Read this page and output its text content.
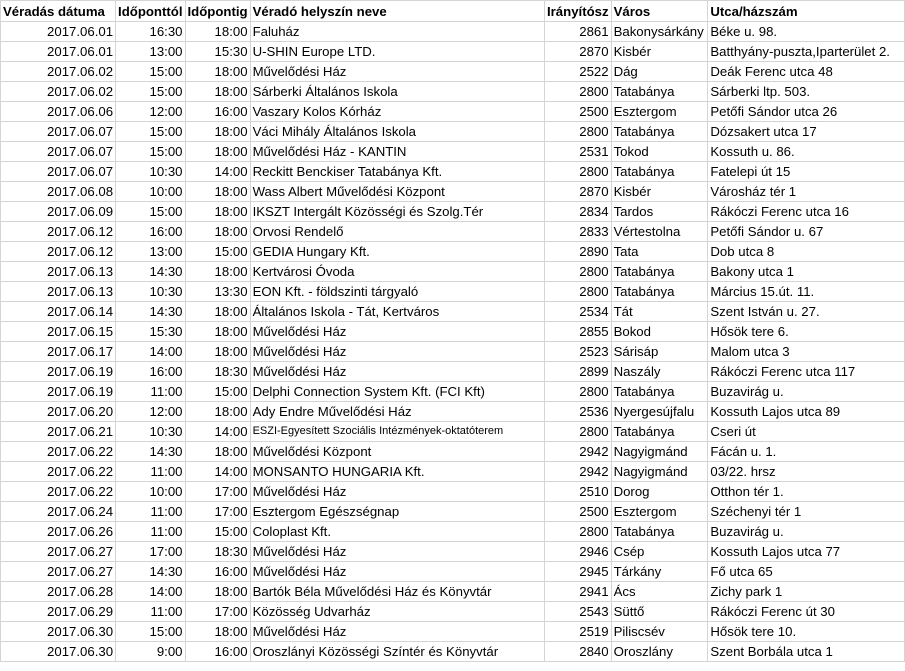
Véradás dátuma	Időponttól	Időpontig	Véradó helyszín neve	Irányítósz	Város	Utca/házszám
2017.06.01	16:30	18:00	Faluház	2861	Bakonysárkány	Béke u. 98.
2017.06.01	13:00	15:30	U-SHIN Europe LTD.	2870	Kisbér	Batthyány-puszta,Iparterület 2.
2017.06.02	15:00	18:00	Művelődési Ház	2522	Dág	Deák Ferenc utca 48
2017.06.02	15:00	18:00	Sárberki Általános Iskola	2800	Tatabánya	Sárberki ltp. 503.
2017.06.06	12:00	16:00	Vaszary Kolos Kórház	2500	Esztergom	Petőfi Sándor utca 26
2017.06.07	15:00	18:00	Váci Mihály Általános Iskola	2800	Tatabánya	Dózsakert utca 17
2017.06.07	15:00	18:00	Művelődési Ház - KANTIN	2531	Tokod	Kossuth u. 86.
2017.06.07	10:30	14:00	Reckitt Benckiser Tatabánya Kft.	2800	Tatabánya	Fatelepi út 15
2017.06.08	10:00	18:00	Wass Albert Művelődési Központ	2870	Kisbér	Városház tér 1
2017.06.09	15:00	18:00	IKSZT Intergált Közösségi és Szolg.Tér	2834	Tardos	Rákóczi Ferenc utca 16
2017.06.12	16:00	18:00	Orvosi Rendelő	2833	Vértestolna	Petőfi Sándor u. 67
2017.06.12	13:00	15:00	GEDIA Hungary Kft.	2890	Tata	Dob utca 8
2017.06.13	14:30	18:00	Kertvárosi Óvoda	2800	Tatabánya	Bakony utca 1
2017.06.13	10:30	13:30	EON Kft. - földszinti tárgyaló	2800	Tatabánya	Március 15.út. 11.
2017.06.14	14:30	18:00	Általános Iskola - Tát, Kertváros	2534	Tát	Szent István u. 27.
2017.06.15	15:30	18:00	Művelődési Ház	2855	Bokod	Hősök tere 6.
2017.06.17	14:00	18:00	Művelődési Ház	2523	Sárisáp	Malom utca 3
2017.06.19	16:00	18:30	Művelődési Ház	2899	Naszály	Rákóczi Ferenc utca 117
2017.06.19	11:00	15:00	Delphi Connection System Kft. (FCI Kft)	2800	Tatabánya	Buzavirág u.
2017.06.20	12:00	18:00	Ady Endre Művelődési Ház	2536	Nyergesújfalu	Kossuth Lajos utca 89
2017.06.21	10:30	14:00	ESZI-Egyesített Szociális Intézmények-oktatóterem	2800	Tatabánya	Cseri út
2017.06.22	14:30	18:00	Művelődési Központ	2942	Nagyigmánd	Fácán u. 1.
2017.06.22	11:00	14:00	MONSANTO HUNGARIA Kft.	2942	Nagyigmánd	03/22. hrsz
2017.06.22	10:00	17:00	Művelődési Ház	2510	Dorog	Otthon tér 1.
2017.06.24	11:00	17:00	Esztergom Egészségnap	2500	Esztergom	Széchenyi tér 1
2017.06.26	11:00	15:00	Coloplast Kft.	2800	Tatabánya	Buzavirág u.
2017.06.27	17:00	18:30	Művelődési Ház	2946	Csép	Kossuth Lajos utca 77
2017.06.27	14:30	16:00	Művelődési Ház	2945	Tárkány	Fő utca 65
2017.06.28	14:00	18:00	Bartók Béla Művelődési Ház és Könyvtár	2941	Ács	Zichy park 1
2017.06.29	11:00	17:00	Közösség Udvarház	2543	Süttő	Rákóczi Ferenc út 30
2017.06.30	15:00	18:00	Művelődési Ház	2519	Piliscsév	Hősök tere 10.
2017.06.30	9:00	16:00	Oroszlányi Közösségi Színtér és Könyvtár	2840	Oroszlány	Szent Borbála utca 1
